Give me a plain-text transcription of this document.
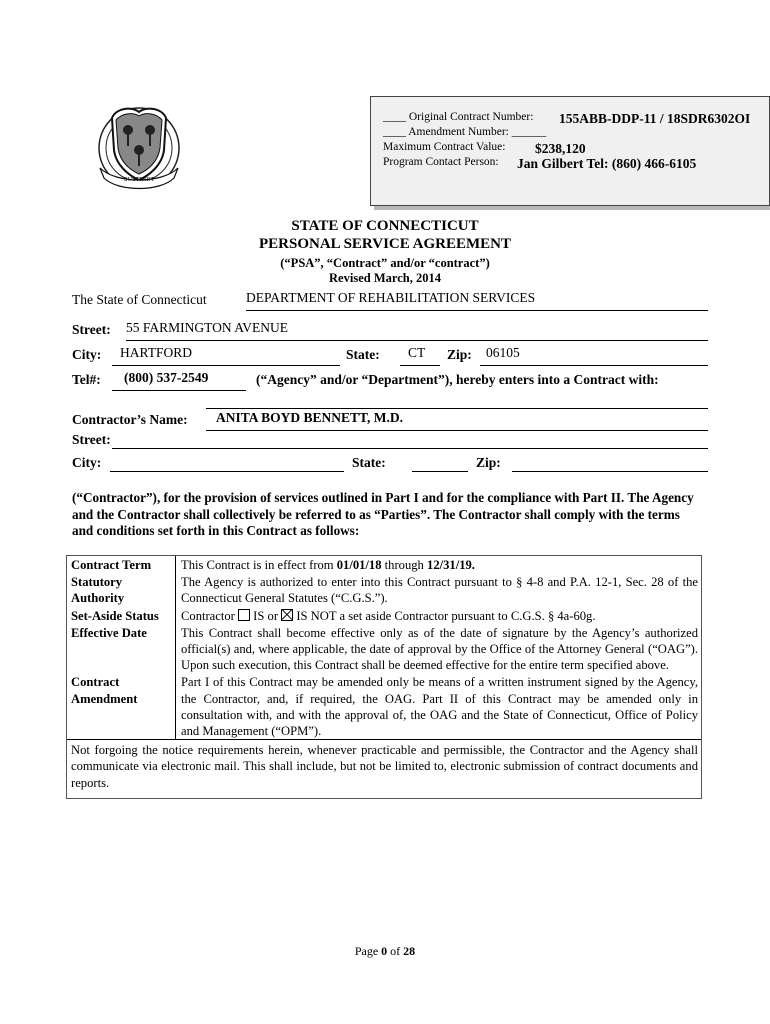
SUSTINET
____ Original Contract Number: 155ABB-DDP-11 / 18SDR6302OI
____ Amendment Number: ______
Maximum Contract Value: $238,120
Program Contact Person: Jan Gilbert Tel: (860) 466-6105
STATE OF CONNECTICUT
PERSONAL SERVICE AGREEMENT
(“PSA”, “Contract” and/or “contract”)
Revised March, 2014
The State of Connecticut	DEPARTMENT OF REHABILITATION SERVICES
Street: 55 FARMINGTON AVENUE
City:	HARTFORD	State:	CT	Zip:	06105
Tel#:	(800) 537-2549	(“Agency” and/or “Department”), hereby enters into a Contract with:
Contractor’s Name:	ANITA BOYD BENNETT, M.D.
Street:
City:	State:	Zip:
(“Contractor”), for the provision of services outlined in Part I and for the compliance with Part II. The Agency and the Contractor shall collectively be referred to as “Parties”. The Contractor shall comply with the terms and conditions set forth in this Contract as follows:
Contract Term	This Contract is in effect from 01/01/18 through 12/31/19.
Statutory Authority	The Agency is authorized to enter into this Contract pursuant to § 4-8 and P.A. 12-1, Sec. 28 of the Connecticut General Statutes (“C.G.S.”).
Set-Aside Status	Contractor IS or IS NOT a set aside Contractor pursuant to C.G.S. § 4a-60g.
Effective Date	This Contract shall become effective only as of the date of signature by the Agency’s authorized official(s) and, where applicable, the date of approval by the Office of the Attorney General (“OAG”). Upon such execution, this Contract shall be deemed effective for the entire term specified above.
Contract Amendment	Part I of this Contract may be amended only be means of a written instrument signed by the Agency, the Contractor, and, if required, the OAG. Part II of this Contract may be amended only in consultation with, and with the approval of, the OAG and the State of Connecticut, Office of Policy and Management (“OPM”).
Not forgoing the notice requirements herein, whenever practicable and permissible, the Contractor and the Agency shall communicate via electronic mail. This shall include, but not be limited to, electronic submission of contract documents and reports.	
Page 0 of 28
